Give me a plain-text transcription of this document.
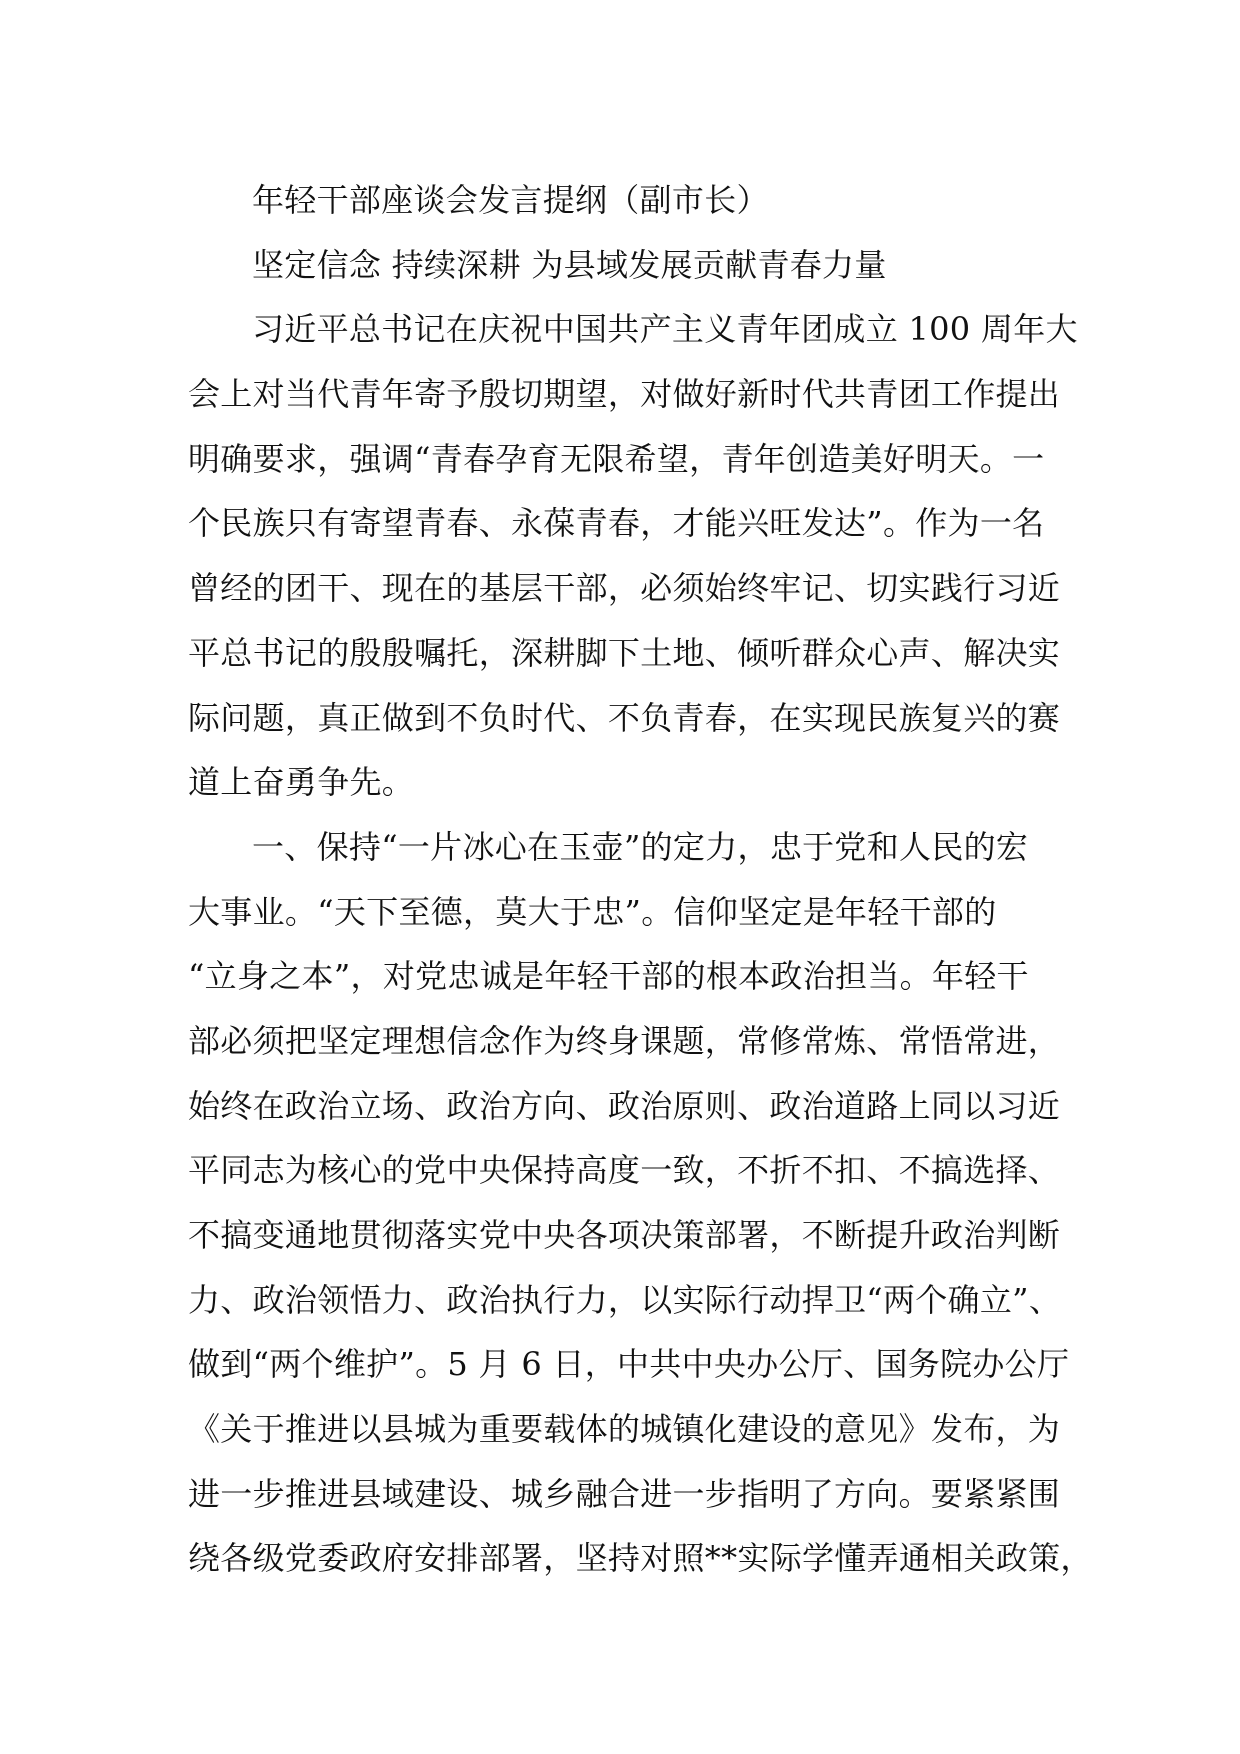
年轻干部座谈会发言提纲（副市长）
坚定信念 持续深耕 为县域发展贡献青春力量
习近平总书记在庆祝中国共产主义青年团成立 100 周年大
会上对当代青年寄予殷切期望，对做好新时代共青团工作提出
明确要求，强调“青春孕育无限希望，青年创造美好明天。一
个民族只有寄望青春、永葆青春，才能兴旺发达”。作为一名
曾经的团干、现在的基层干部，必须始终牢记、切实践行习近
平总书记的殷殷嘱托，深耕脚下土地、倾听群众心声、解决实
际问题，真正做到不负时代、不负青春，在实现民族复兴的赛
道上奋勇争先。
一、保持“一片冰心在玉壶”的定力，忠于党和人民的宏
大事业。“天下至德，莫大于忠”。信仰坚定是年轻干部的
“立身之本”，对党忠诚是年轻干部的根本政治担当。年轻干
部必须把坚定理想信念作为终身课题，常修常炼、常悟常进，
始终在政治立场、政治方向、政治原则、政治道路上同以习近
平同志为核心的党中央保持高度一致，不折不扣、不搞选择、
不搞变通地贯彻落实党中央各项决策部署，不断提升政治判断
力、政治领悟力、政治执行力，以实际行动捍卫“两个确立”、
做到“两个维护”。5 月 6 日，中共中央办公厅、国务院办公厅
《关于推进以县城为重要载体的城镇化建设的意见》发布，为
进一步推进县域建设、城乡融合进一步指明了方向。要紧紧围
绕各级党委政府安排部署，坚持对照**实际学懂弄通相关政策，
